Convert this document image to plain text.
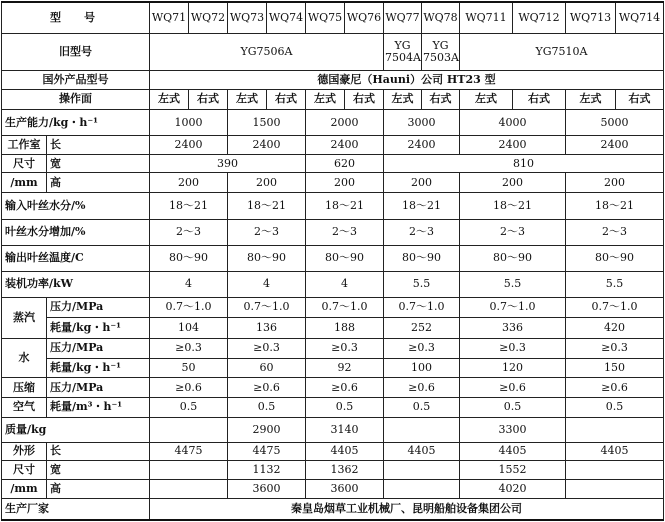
型　号		WQ71	WQ72	WQ73	WQ74	WQ75	WQ76	WQ77	WQ78	WQ711	WQ712	WQ713	WQ714
旧型号		YG7506A						YG 7504A	YG 7503A	YG7510A			
国外产品型号		德国豪尼（Hauni）公司 HT23 型											
操作面		左式	右式	左式	右式	左式	右式	左式	右式	左式	右式	左式	右式
生产能力/kg・h⁻¹		1000		1500		2000		3000		4000		5000	
工作室	长	2400		2400		2400		2400		2400		2400	
尺寸	宽	390				620		810					
/mm	高	200		200		200		200		200		200	
输入叶丝水分/%		18～21		18～21		18～21		18～21		18～21		18～21	
叶丝水分增加/%		2～3		2～3		2～3		2～3		2～3		2～3	
输出叶丝温度/C		80～90		80～90		80～90		80～90		80～90		80～90	
装机功率/kW		4		4		4		5.5		5.5		5.5	
蒸汽	压力/MPa	0.7～1.0		0.7～1.0		0.7～1.0		0.7～1.0		0.7～1.0		0.7～1.0	
	耗量/kg・h⁻¹	104		136		188		252		336		420	
水	压力/MPa	≥0.3		≥0.3		≥0.3		≥0.3		≥0.3		≥0.3	
	耗量/kg・h⁻¹	50		60		92		100		120		150	
压缩	压力/MPa	≥0.6		≥0.6		≥0.6		≥0.6		≥0.6		≥0.6	
空气	耗量/m³・h⁻¹	0.5		0.5		0.5		0.5		0.5		0.5	
质量/kg				2900		3140				3300			
外形	长	4475		4475		4405		4405		4405		4405	
尺寸	宽			1132		1362				1552			
/mm	高			3600		3600				4020			
生产厂家		秦皇岛烟草工业机械厂、昆明船舶设备集团公司											
